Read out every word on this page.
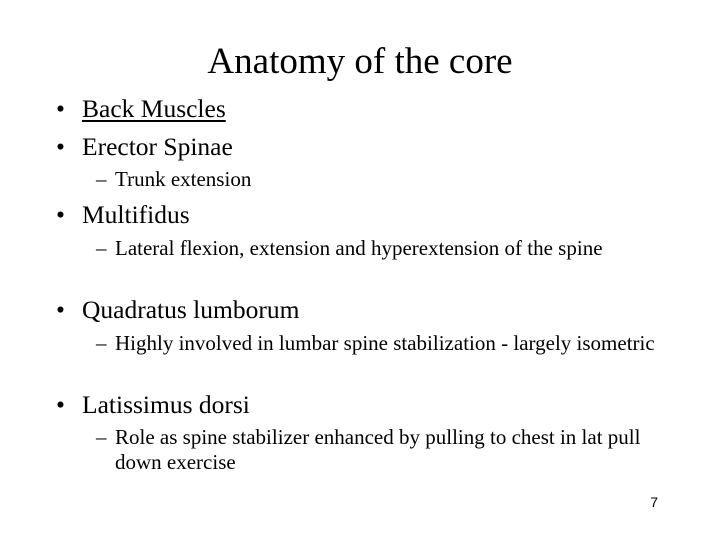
Anatomy of the core
• Back Muscles
• Erector Spinae
– Trunk extension
• Multifidus
– Lateral flexion, extension and hyperextension of the spine
• Quadratus lumborum
– Highly involved in lumbar spine stabilization - largely isometric
• Latissimus dorsi
– Role as spine stabilizer enhanced by pulling to chest in lat pull down exercise
7
